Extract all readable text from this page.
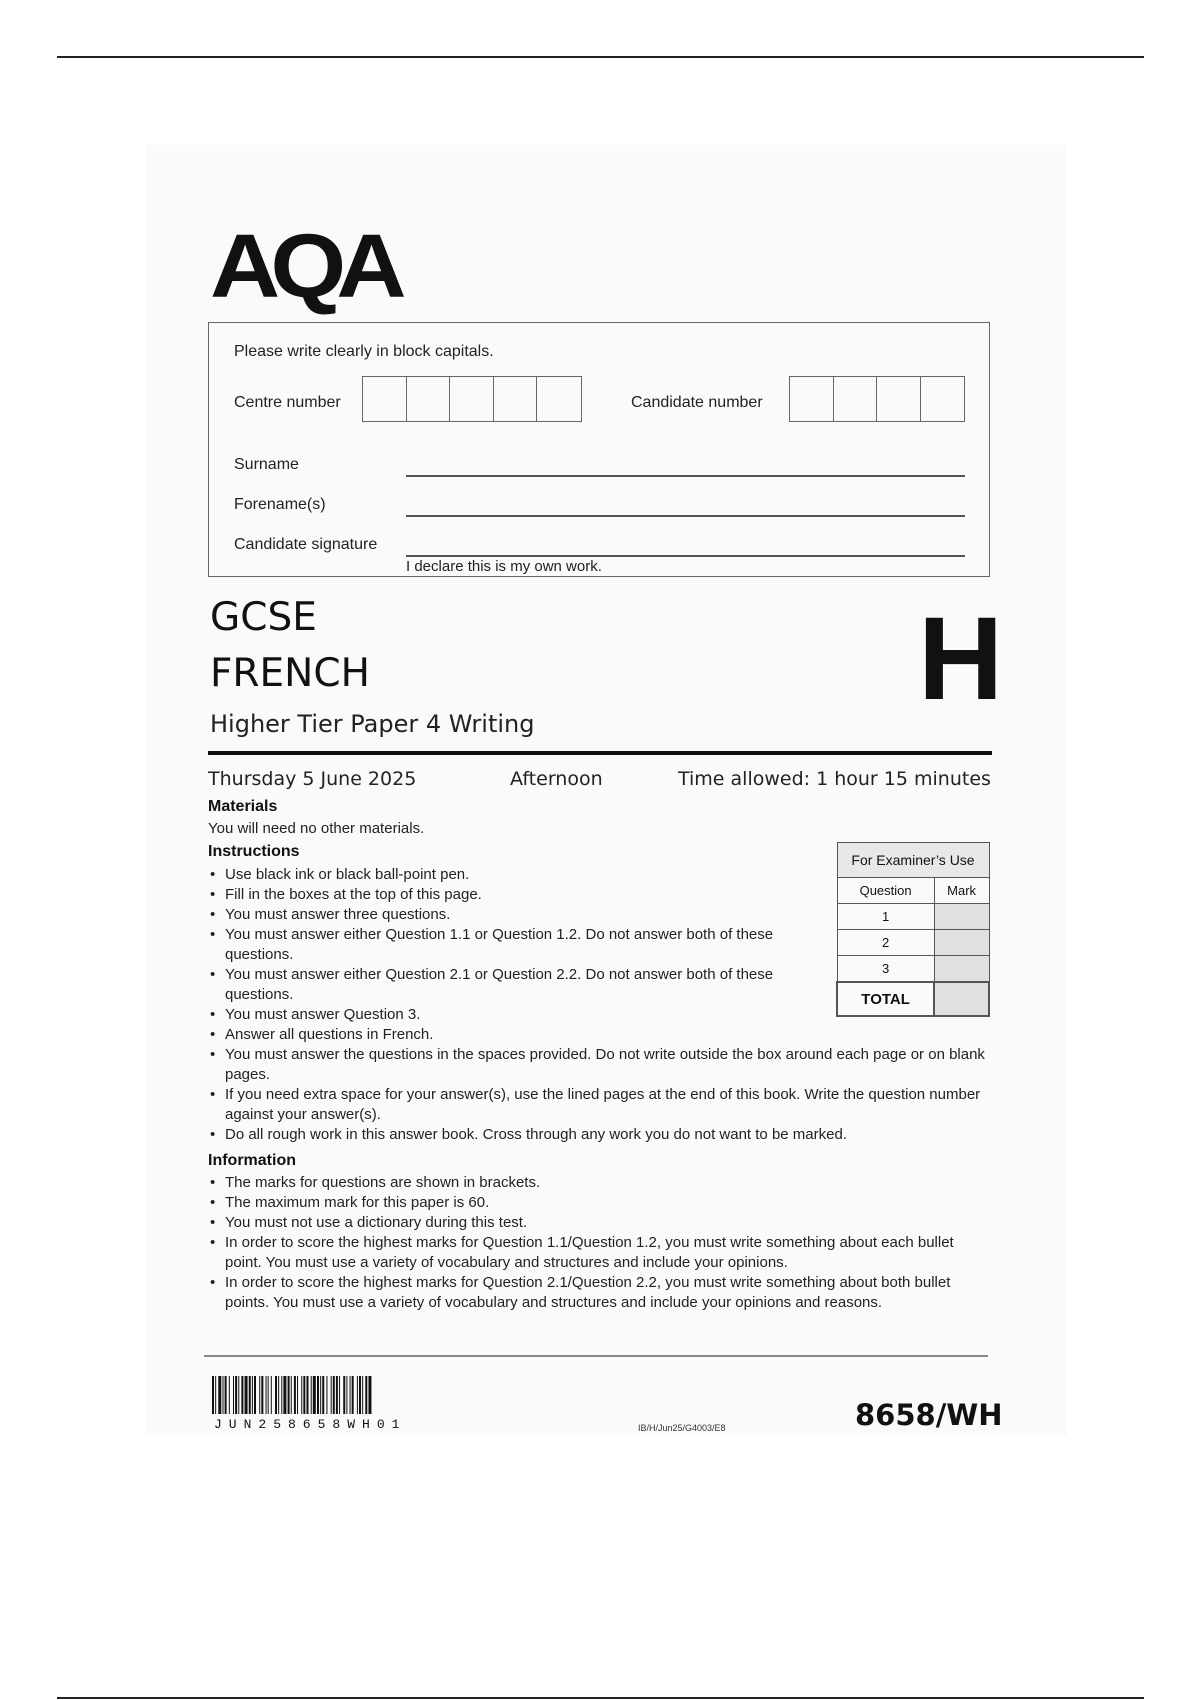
AQA
Please write clearly in block capitals.
Centre number	Candidate number
Surname
Forename(s)
Candidate signature
I declare this is my own work.
GCSE
FRENCH	H
Higher Tier Paper 4 Writing
Thursday 5 June 2025	Afternoon	Time allowed: 1 hour 15 minutes
Materials
You will need no other materials.
Instructions
• Use black ink or black ball-point pen.
• Fill in the boxes at the top of this page.
• You must answer three questions.
• You must answer either Question 1.1 or Question 1.2. Do not answer both of these questions.
• You must answer either Question 2.1 or Question 2.2. Do not answer both of these questions.
• You must answer Question 3.
• Answer all questions in French.
• You must answer the questions in the spaces provided. Do not write outside the box around each page or on blank pages.
• If you need extra space for your answer(s), use the lined pages at the end of this book. Write the question number against your answer(s).
• Do all rough work in this answer book. Cross through any work you do not want to be marked.
Information
• The marks for questions are shown in brackets.
• The maximum mark for this paper is 60.
• You must not use a dictionary during this test.
• In order to score the highest marks for Question 1.1/Question 1.2, you must write something about each bullet point. You must use a variety of vocabulary and structures and include your opinions.
• In order to score the highest marks for Question 2.1/Question 2.2, you must write something about both bullet points. You must use a variety of vocabulary and structures and include your opinions and reasons.
For Examiner’s Use	
Question	Mark
1	
2	
3	
TOTAL	
JUN258658WH01	IB/H/Jun25/G4003/E8	8658/WH
